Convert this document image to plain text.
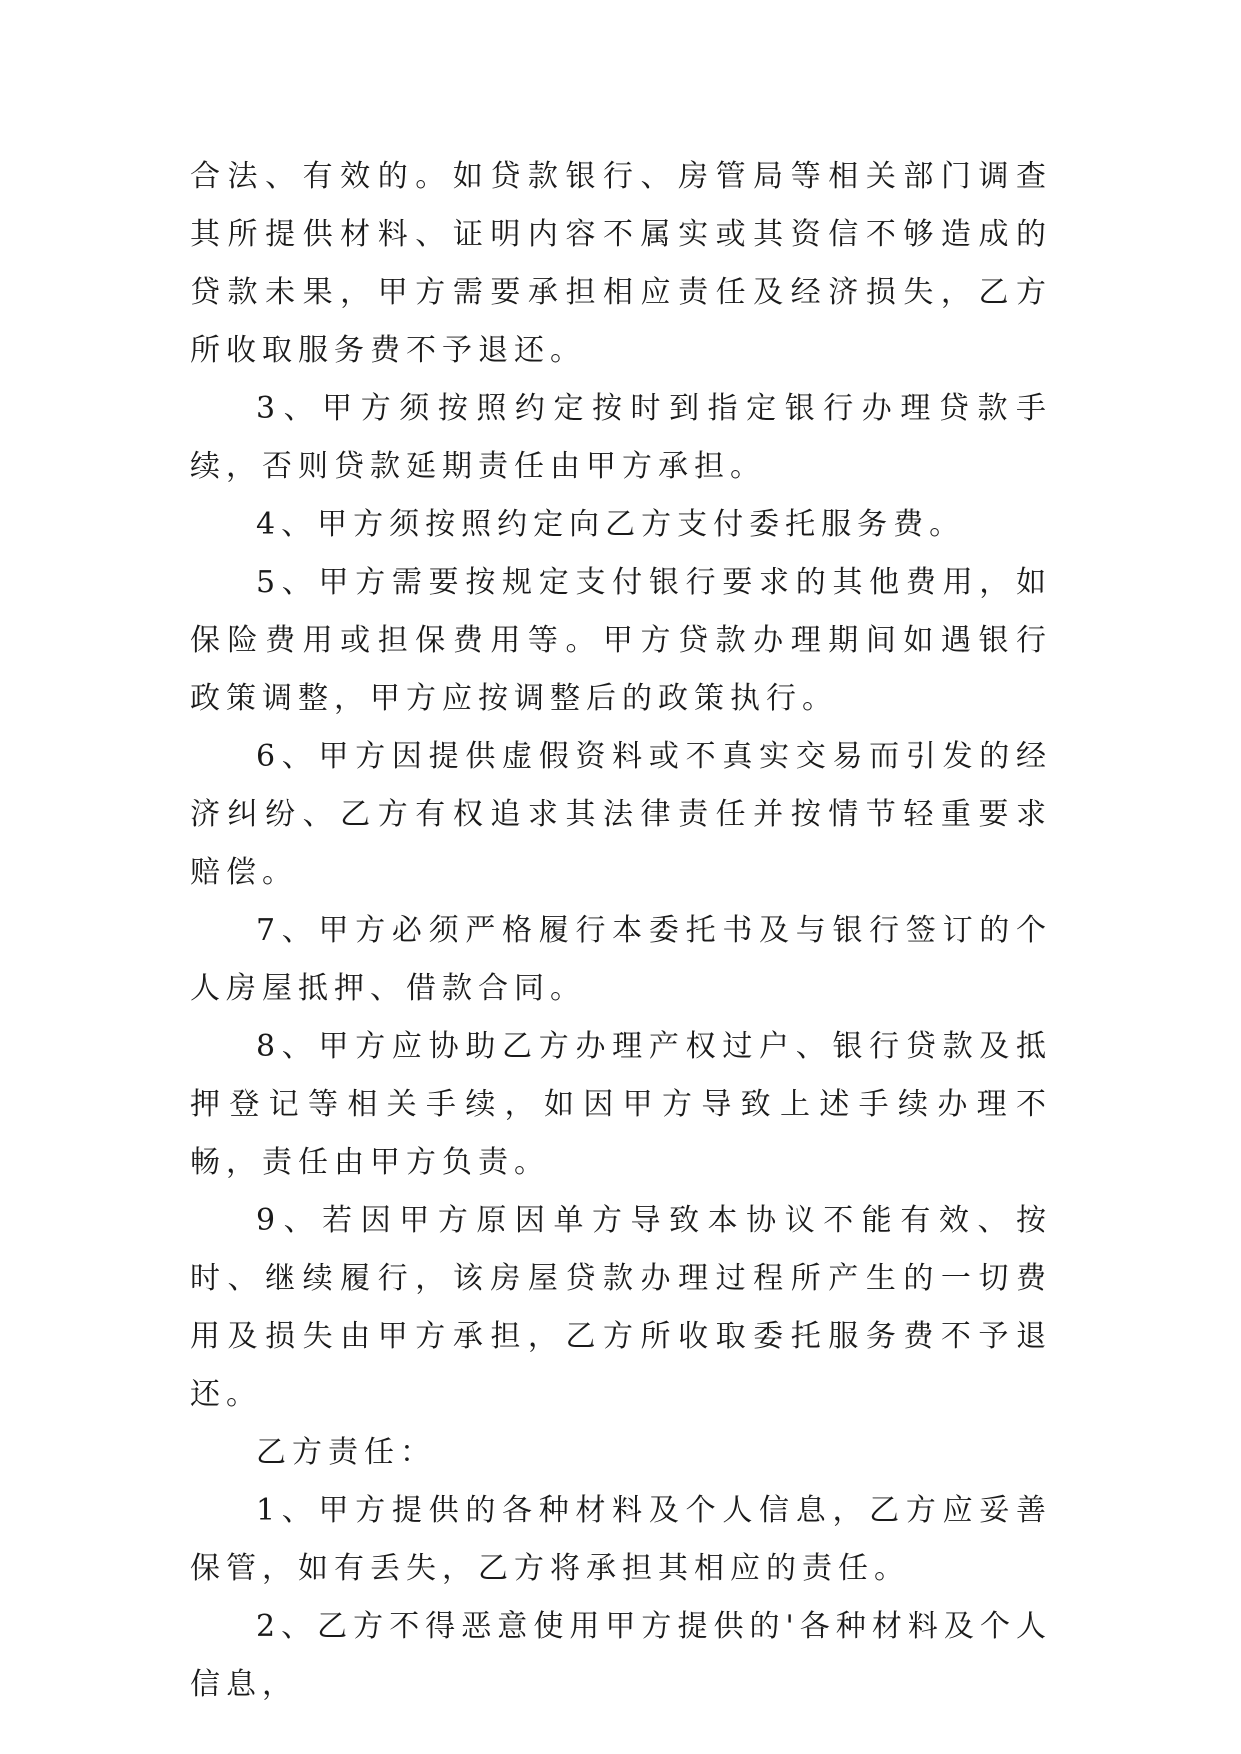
合法、有效的。如贷款银行、房管局等相关部门调查其所提供材料、证明内容不属实或其资信不够造成的贷款未果，甲方需要承担相应责任及经济损失，乙方所收取服务费不予退还。

3、甲方须按照约定按时到指定银行办理贷款手续，否则贷款延期责任由甲方承担。

4、甲方须按照约定向乙方支付委托服务费。

5、甲方需要按规定支付银行要求的其他费用，如保险费用或担保费用等。甲方贷款办理期间如遇银行政策调整，甲方应按调整后的政策执行。

6、甲方因提供虚假资料或不真实交易而引发的经济纠纷、乙方有权追求其法律责任并按情节轻重要求赔偿。

7、甲方必须严格履行本委托书及与银行签订的个人房屋抵押、借款合同。

8、甲方应协助乙方办理产权过户、银行贷款及抵押登记等相关手续，如因甲方导致上述手续办理不畅，责任由甲方负责。

9、若因甲方原因单方导致本协议不能有效、按时、继续履行，该房屋贷款办理过程所产生的一切费用及损失由甲方承担，乙方所收取委托服务费不予退还。

乙方责任：

1、甲方提供的各种材料及个人信息，乙方应妥善保管，如有丢失，乙方将承担其相应的责任。

2、乙方不得恶意使用甲方提供的'各种材料及个人信息，
